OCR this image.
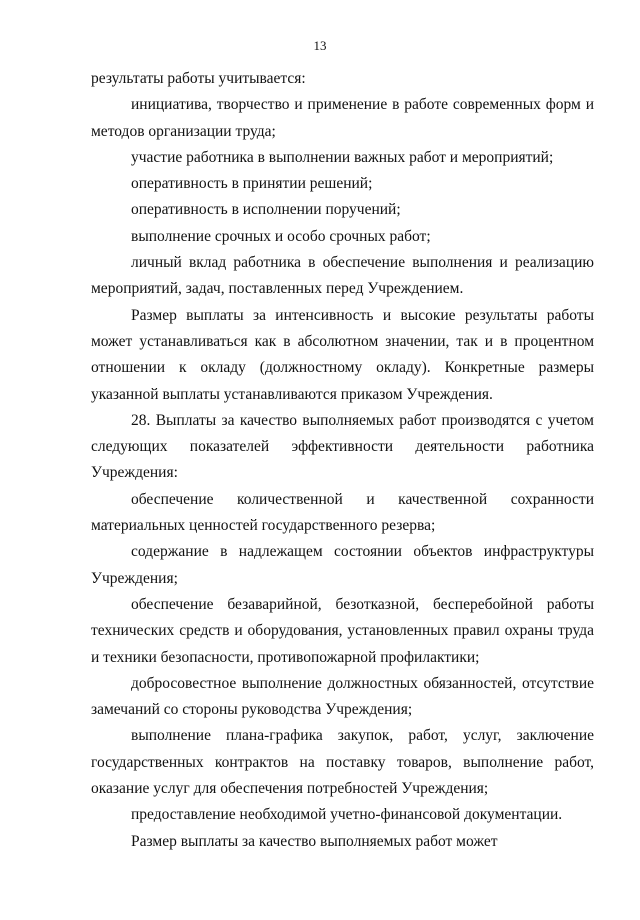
13

результаты работы учитывается:

инициатива, творчество и применение в работе современных форм и методов организации труда;

участие работника в выполнении важных работ и мероприятий;

оперативность в принятии решений;

оперативность в исполнении поручений;

выполнение срочных и особо срочных работ;

личный вклад работника в обеспечение выполнения и реализацию мероприятий, задач, поставленных перед Учреждением.

Размер выплаты за интенсивность и высокие результаты работы может устанавливаться как в абсолютном значении, так и в процентном отношении к окладу (должностному окладу). Конкретные размеры указанной выплаты устанавливаются приказом Учреждения.

28. Выплаты за качество выполняемых работ производятся с учетом следующих показателей эффективности деятельности работника Учреждения:

обеспечение количественной и качественной сохранности материальных ценностей государственного резерва;

содержание в надлежащем состоянии объектов инфраструктуры Учреждения;

обеспечение безаварийной, безотказной, бесперебойной работы технических средств и оборудования, установленных правил охраны труда и техники безопасности, противопожарной профилактики;

добросовестное выполнение должностных обязанностей, отсутствие замечаний со стороны руководства Учреждения;

выполнение плана-графика закупок, работ, услуг, заключение государственных контрактов на поставку товаров, выполнение работ, оказание услуг для обеспечения потребностей Учреждения;

предоставление необходимой учетно-финансовой документации.

Размер выплаты за качество выполняемых работ может
